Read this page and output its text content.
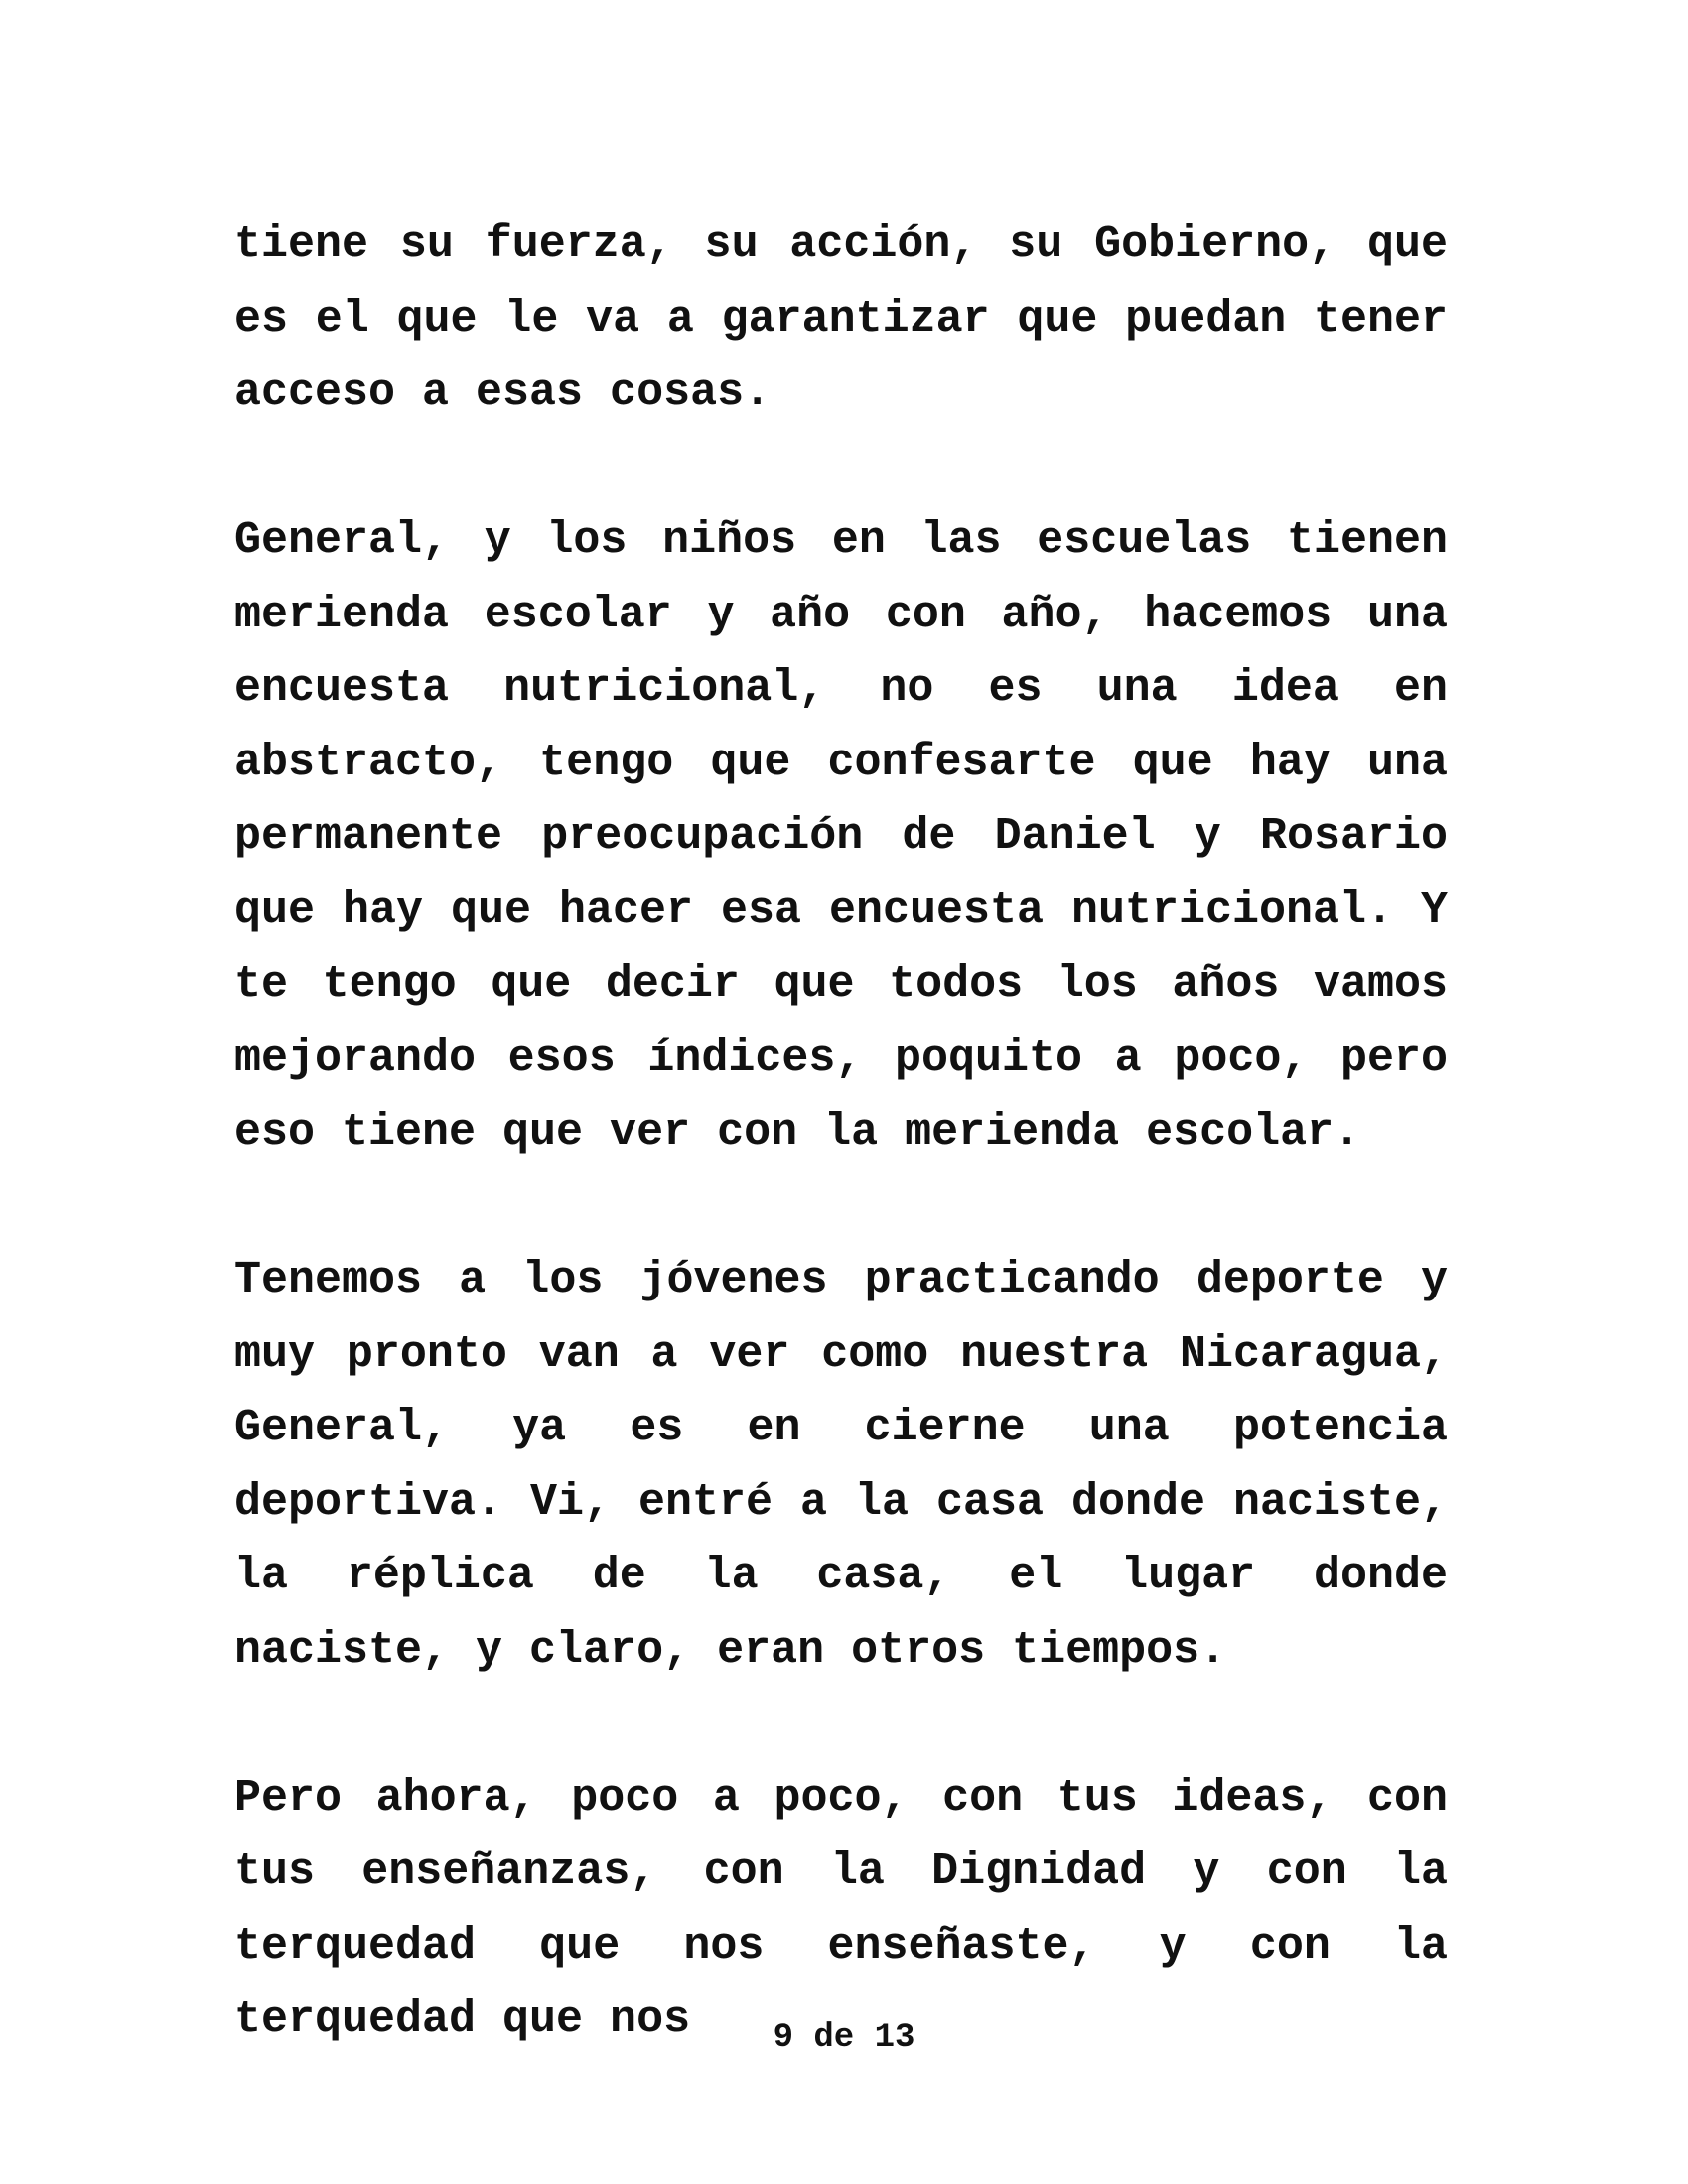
tiene su fuerza, su acción, su Gobierno, que es el que le va a garantizar que puedan tener acceso a esas cosas.

General, y los niños en las escuelas tienen merienda escolar y año con año, hacemos una encuesta nutricional, no es una idea en abstracto, tengo que confesarte que hay una permanente preocupación de Daniel y Rosario que hay que hacer esa encuesta nutricional. Y te tengo que decir que todos los años vamos mejorando esos índices, poquito a poco, pero eso tiene que ver con la merienda escolar.

Tenemos a los jóvenes practicando deporte y muy pronto van a ver como nuestra Nicaragua, General, ya es en cierne una potencia deportiva. Vi, entré a la casa donde naciste, la réplica de la casa, el lugar donde naciste, y claro, eran otros tiempos.

Pero ahora, poco a poco, con tus ideas, con tus enseñanzas, con la Dignidad y con la terquedad que nos enseñaste, y con la terquedad que nos	9 de 13
